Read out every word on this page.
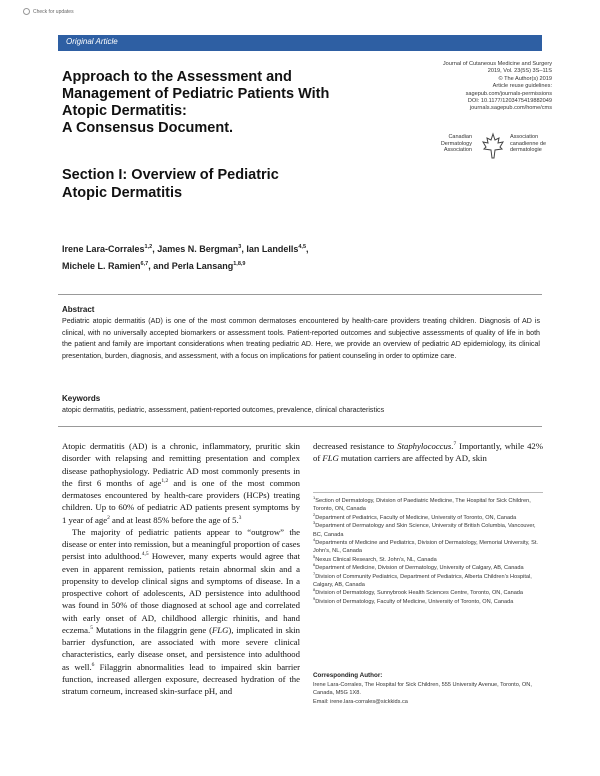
Check for updates
Original Article
Journal of Cutaneous Medicine and Surgery
2019, Vol. 23(5S) 3S–11S
© The Author(s) 2019
Article reuse guidelines:
sagepub.com/journals-permissions
DOI: 10.1177/1203475419882049
journals.sagepub.com/home/cms
Canadian
Dermatology
Association
Association
canadienne de
dermatologie
Approach to the Assessment and
Management of Pediatric Patients With
Atopic Dermatitis:
A Consensus Document.
Section I: Overview of Pediatric
Atopic Dermatitis
Irene Lara-Corrales$^{1,2}$, James N. Bergman$^3$, Ian Landells$^{4,5}$,
Michele L. Ramien$^{6,7}$, and Perla Lansang$^{1,8,9}$
Abstract
Pediatric atopic dermatitis (AD) is one of the most common dermatoses encountered by health-care providers treating children. Diagnosis of AD is clinical, with no universally accepted biomarkers or assessment tools. Patient-reported outcomes and subjective assessments of quality of life in both the patient and family are important considerations when treating pediatric AD. Here, we provide an overview of pediatric AD epidemiology, its clinical presentation, burden, diagnosis, and assessment, with a focus on implications for patient counseling in order to optimize care.
Keywords
atopic dermatitis, pediatric, assessment, patient-reported outcomes, prevalence, clinical characteristics

Atopic dermatitis (AD) is a chronic, inflammatory, pruritic skin disorder with relapsing and remitting presentation and complex disease pathophysiology. Pediatric AD most commonly presents in the first 6 months of age$^{1,2}$ and is one of the most common dermatoses encountered by health-care providers (HCPs) treating children. Up to 60% of pediatric AD patients present symptoms by 1 year of age$^2$ and at least 85% before the age of 5.$^3$

The majority of pediatric patients appear to “outgrow” the disease or enter into remission, but a meaningful proportion of cases persist into adulthood.$^{4,5}$ However, many experts would agree that even in apparent remission, patients retain abnormal skin and a propensity to develop clinical signs and symptoms of disease. In a prospective cohort of adolescents, AD persistence into adulthood was found in 50% of those diagnosed at school age and correlated with early onset of AD, childhood allergic rhinitis, and hand eczema.$^5$ Mutations in the filaggrin gene (FLG), implicated in skin barrier dysfunction, are associated with more severe clinical characteristics, early disease onset, and persistence into adulthood as well.$^6$ Filaggrin abnormalities lead to impaired skin barrier function, increased allergen exposure, decreased hydration of the stratum corneum, increased skin-surface pH, and

decreased resistance to Staphylococcus.$^7$ Importantly, while 42% of FLG mutation carriers are affected by AD, skin
$^1$Section of Dermatology, Division of Paediatric Medicine, The Hospital for Sick Children, Toronto, ON, Canada
$^2$Department of Pediatrics, Faculty of Medicine, University of Toronto, ON, Canada
$^3$Department of Dermatology and Skin Science, University of British Columbia, Vancouver, BC, Canada
$^4$Departments of Medicine and Pediatrics, Division of Dermatology, Memorial University, St. John’s, NL, Canada
$^5$Nexus Clinical Research, St. John’s, NL, Canada
$^6$Department of Medicine, Division of Dermatology, University of Calgary, AB, Canada
$^7$Division of Community Pediatrics, Department of Pediatrics, Alberta Children’s Hospital, Calgary, AB, Canada
$^8$Division of Dermatology, Sunnybrook Health Sciences Centre, Toronto, ON, Canada
$^9$Division of Dermatology, Faculty of Medicine, University of Toronto, ON, Canada
Corresponding Author:
Irene Lara-Corrales, The Hospital for Sick Children, 555 University Avenue, Toronto, ON, Canada, M5G 1X8.
Email: irene.lara-corrales@sickkids.ca
